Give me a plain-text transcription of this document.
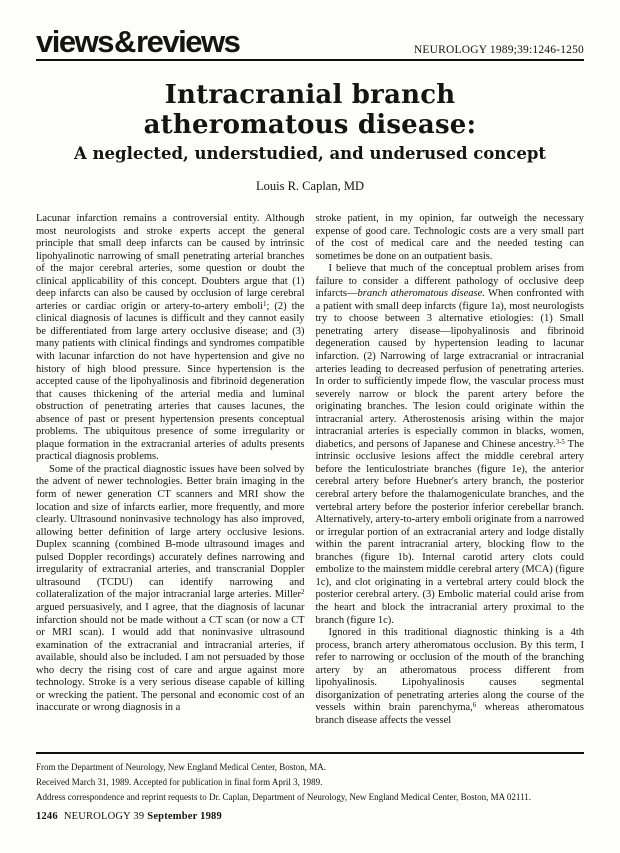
views & reviews	NEUROLOGY 1989;39:1246-1250
Intracranial branch
atheromatous disease:
A neglected, understudied, and underused concept
Louis R. Caplan, MD

Lacunar infarction remains a controversial entity. Although most neurologists and stroke experts accept the general principle that small deep infarcts can be caused by intrinsic lipohyalinotic narrowing of small penetrating arterial branches of the major cerebral arteries, some question or doubt the clinical applicability of this concept. Doubters argue that (1) deep infarcts can also be caused by occlusion of large cerebral arteries or cardiac origin or artery-to-artery emboli$^1$; (2) the clinical diagnosis of lacunes is difficult and they cannot easily be differentiated from large artery occlusive disease; and (3) many patients with clinical findings and syndromes compatible with lacunar infarction do not have hypertension and give no history of high blood pressure. Since hypertension is the accepted cause of the lipohyalinosis and fibrinoid degeneration that causes thickening of the arterial media and luminal obstruction of penetrating arteries that causes lacunes, the absence of past or present hypertension presents conceptual problems. The ubiquitous presence of some irregularity or plaque formation in the extracranial arteries of adults presents practical diagnosis problems.

Some of the practical diagnostic issues have been solved by the advent of newer technologies. Better brain imaging in the form of newer generation CT scanners and MRI show the location and size of infarcts earlier, more frequently, and more clearly. Ultrasound noninvasive technology has also improved, allowing better definition of large artery occlusive lesions. Duplex scanning (combined B-mode ultrasound images and pulsed Doppler recordings) accurately defines narrowing and irregularity of extracranial arteries, and transcranial Doppler ultrasound (TCDU) can identify narrowing and collateralization of the major intracranial large arteries. Miller$^2$ argued persuasively, and I agree, that the diagnosis of lacunar infarction should not be made without a CT scan (or now a CT or MRI scan). I would add that noninvasive ultrasound examination of the extracranial and intracranial arteries, if available, should also be included. I am not persuaded by those who decry the rising cost of care and argue against more technology. Stroke is a very serious disease capable of killing or wrecking the patient. The personal and economic cost of an inaccurate or wrong diagnosis in a

stroke patient, in my opinion, far outweigh the necessary expense of good care. Technologic costs are a very small part of the cost of medical care and the needed testing can sometimes be done on an outpatient basis.

I believe that much of the conceptual problem arises from failure to consider a different pathology of occlusive deep infarcts—branch atheromatous disease. When confronted with a patient with small deep infarcts (figure 1a), most neurologists try to choose between 3 alternative etiologies: (1) Small penetrating artery disease—lipohyalinosis and fibrinoid degeneration caused by hypertension leading to lacunar infarction. (2) Narrowing of large extracranial or intracranial arteries leading to decreased perfusion of penetrating arteries. In order to sufficiently impede flow, the vascular process must severely narrow or block the parent artery before the originating branches. The lesion could originate within the intracranial artery. Atherostenosis arising within the major intracranial arteries is especially common in blacks, women, diabetics, and persons of Japanese and Chinese ancestry.$^{3-5}$ The intrinsic occlusive lesions affect the middle cerebral artery before the lenticulostriate branches (figure 1e), the anterior cerebral artery before Huebner's artery branch, the posterior cerebral artery before the thalamogeniculate branches, and the vertebral artery before the posterior inferior cerebellar branch. Alternatively, artery-to-artery emboli originate from a narrowed or irregular portion of an extracranial artery and lodge distally within the parent intracranial artery, blocking flow to the branches (figure 1b). Internal carotid artery clots could embolize to the mainstem middle cerebral artery (MCA) (figure 1c), and clot originating in a vertebral artery could block the posterior cerebral artery. (3) Embolic material could arise from the heart and block the intracranial artery proximal to the branch (figure 1c).

Ignored in this traditional diagnostic thinking is a 4th process, branch artery atheromatous occlusion. By this term, I refer to narrowing or occlusion of the mouth of the branching artery by an atheromatous process different from lipohyalinosis. Lipohyalinosis causes segmental disorganization of penetrating arteries along the course of the vessels within brain parenchyma,$^6$ whereas atheromatous branch disease affects the vessel

From the Department of Neurology, New England Medical Center, Boston, MA.

Received March 31, 1989. Accepted for publication in final form April 3, 1989.

Address correspondence and reprint requests to Dr. Caplan, Department of Neurology, New England Medical Center, Boston, MA 02111.

1246 NEUROLOGY 39 September 1989
